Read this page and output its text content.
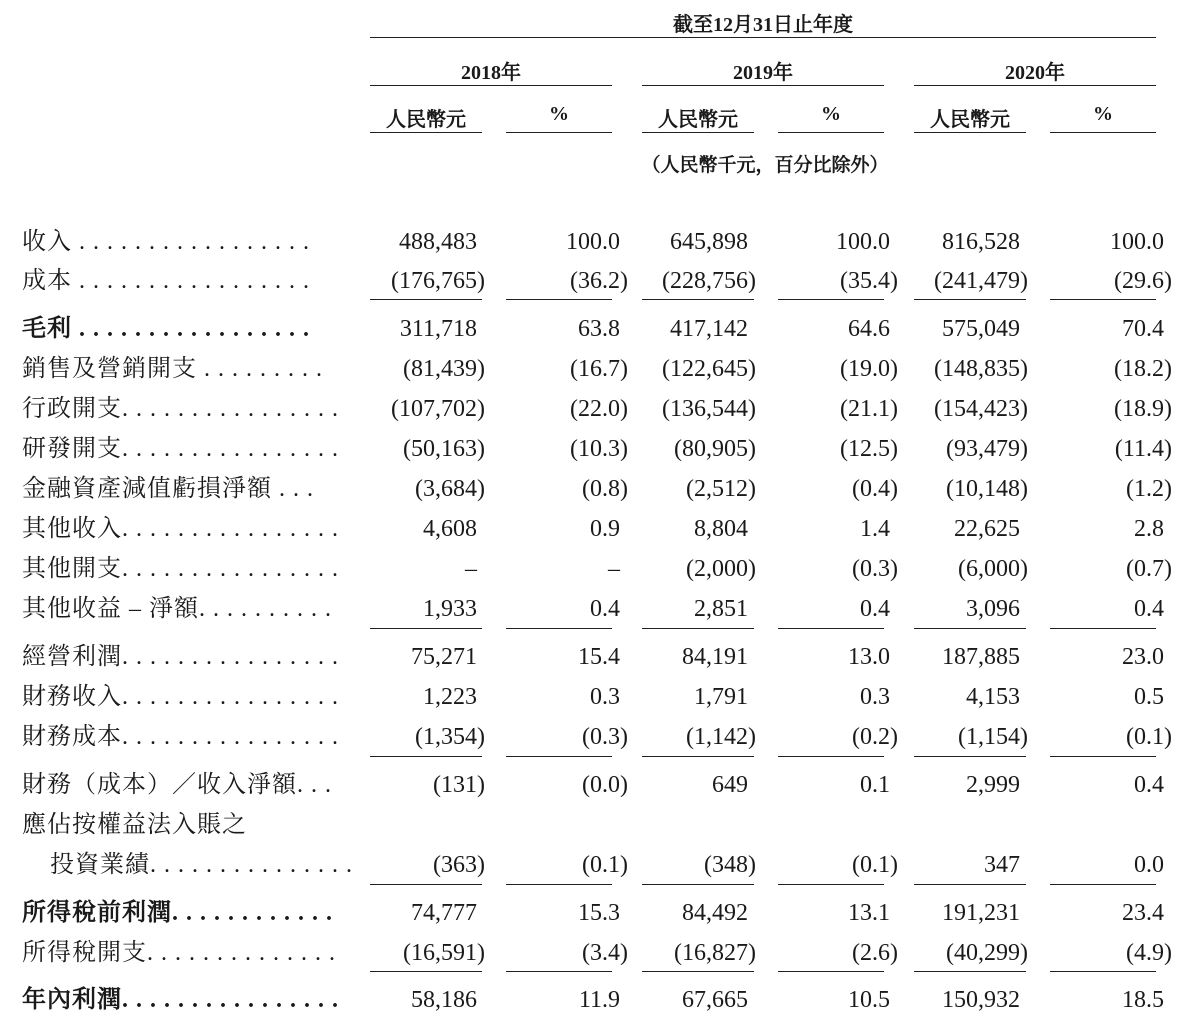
截至12月31日止年度
2018年	2019年	2020年
人民幣元	%	人民幣元	%	人民幣元	%
（人民幣千元，百分比除外）
收入 . . . . . . . . . . . . . . . . .	488,483	100.0 645,898	100.0 816,528	100.0
成本 . . . . . . . . . . . . . . . . .	(176,765)	(36.2) (228,756)	(35.4) (241,479)	(29.6)
毛利 . . . . . . . . . . . . . . . . .	311,718	63.8 417,142	64.6 575,049	70.4
銷售及營銷開支 . . . . . . . . .	(81,439)	(16.7) (122,645)	(19.0) (148,835)	(18.2)
行政開支. . . . . . . . . . . . . . . . (107,702)	(22.0) (136,544)	(21.1) (154,423)	(18.9)
研發開支. . . . . . . . . . . . . . . .	(50,163)	(10.3) (80,905)	(12.5) (93,479)	(11.4)
金融資產減值虧損淨額 . . .	(3,684)	(0.8) (2,512)	(0.4) (10,148)	(1.2)
其他收入. . . . . . . . . . . . . . . .	4,608	0.9	8,804	1.4	22,625	2.8
其他開支. . . . . . . . . . . . . . . .	–	–	(2,000)	(0.3)	(6,000)	(0.7)
其他收益 – 淨額. . . . . . . . . .	1,933	0.4	2,851	0.4	3,096	0.4
經營利潤. . . . . . . . . . . . . . . .	75,271	15.4	84,191	13.0 187,885	23.0
財務收入. . . . . . . . . . . . . . . .	1,223	0.3	1,791	0.3	4,153	0.5
財務成本. . . . . . . . . . . . . . . .	(1,354)	(0.3) (1,142)	(0.2)	(1,154)	(0.1)
財務（成本）／收入淨額. . .	(131)	(0.0)	649	0.1	2,999	0.4
應佔按權益法入賬之
投資業績. . . . . . . . . . . . . . .	(363)	(0.1)	(348)	(0.1)	347	0.0
所得稅前利潤. . . . . . . . . . . .	74,777	15.3	84,492	13.1 191,231	23.4
所得稅開支. . . . . . . . . . . . . .	(16,591)	(3.4) (16,827)	(2.6) (40,299)	(4.9)
年內利潤. . . . . . . . . . . . . . . .	58,186	11.9	67,665	10.5 150,932	18.5
